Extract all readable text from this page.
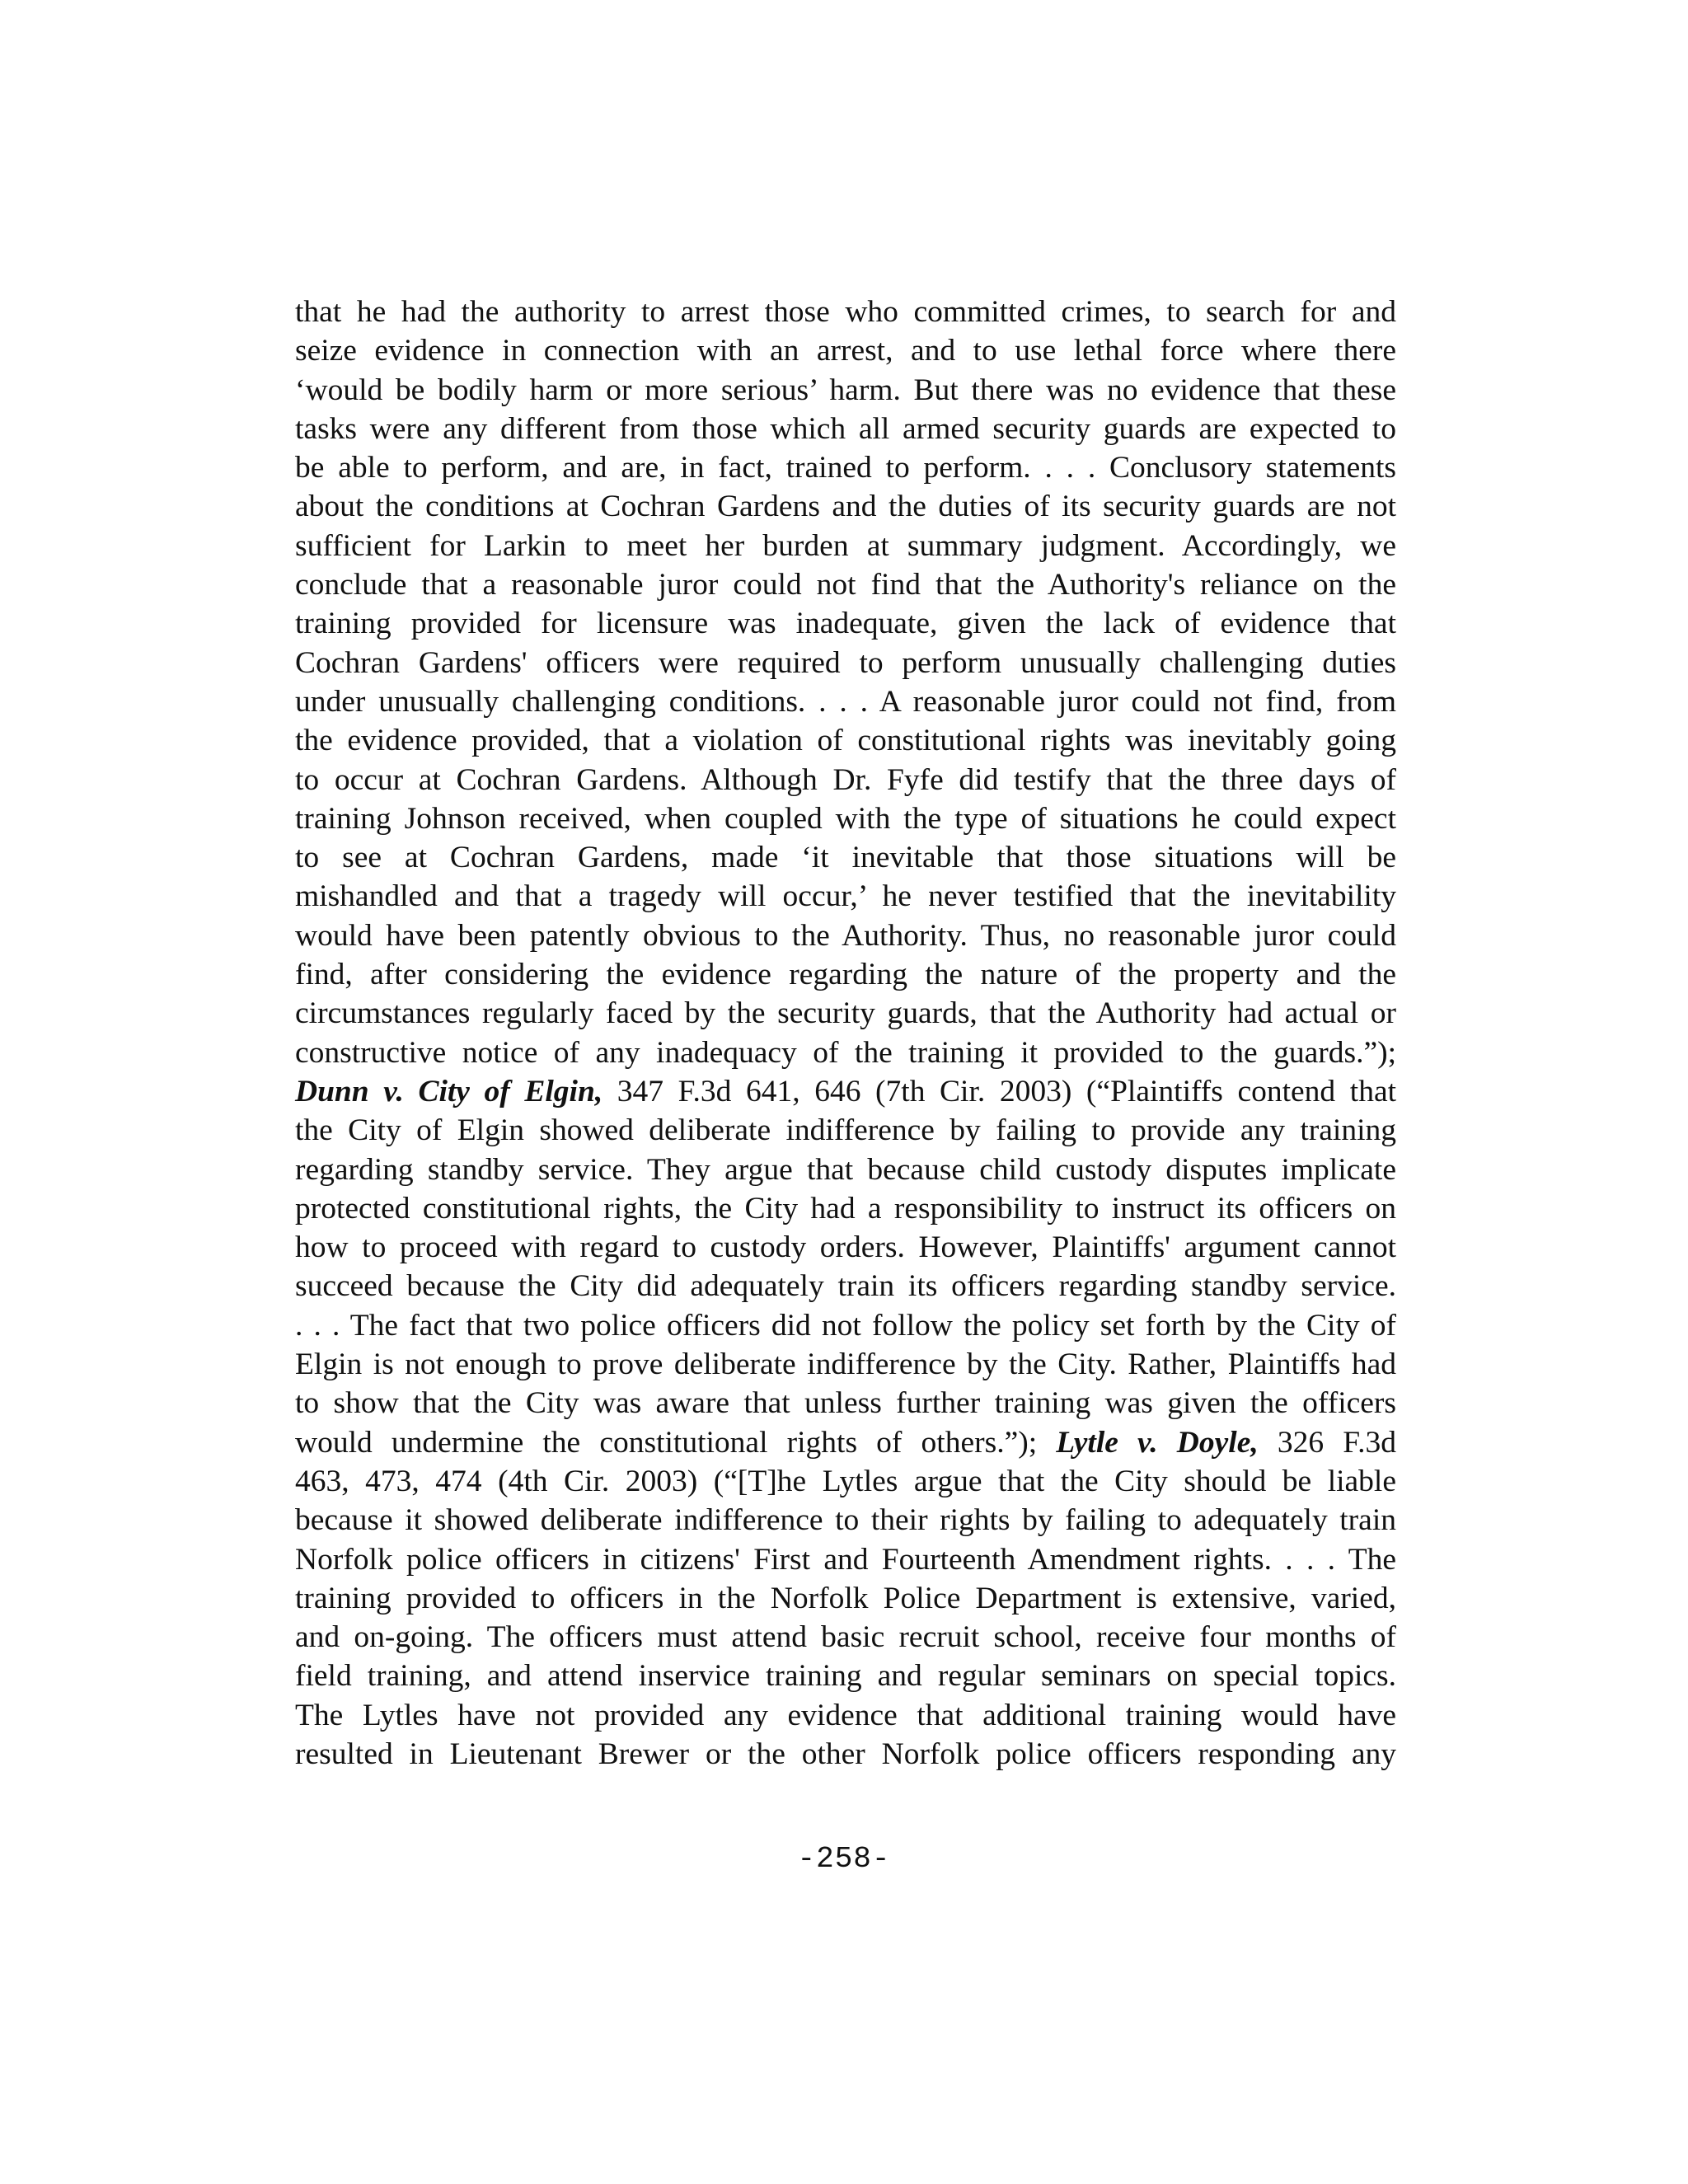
that he had the authority to arrest those who committed crimes, to search for and
seize evidence in connection with an arrest, and to use lethal force where there
‘would be bodily harm or more serious’ harm. But there was no evidence that these
tasks were any different from those which all armed security guards are expected to
be able to perform, and are, in fact, trained to perform. . . . Conclusory statements
about the conditions at Cochran Gardens and the duties of its security guards are not
sufficient for Larkin to meet her burden at summary judgment. Accordingly, we
conclude that a reasonable juror could not find that the Authority's reliance on the
training provided for licensure was inadequate, given the lack of evidence that
Cochran Gardens' officers were required to perform unusually challenging duties
under unusually challenging conditions. . . . A reasonable juror could not find, from
the evidence provided, that a violation of constitutional rights was inevitably going
to occur at Cochran Gardens. Although Dr. Fyfe did testify that the three days of
training Johnson received, when coupled with the type of situations he could expect
to see at Cochran Gardens, made ‘it inevitable that those situations will be
mishandled and that a tragedy will occur,’ he never testified that the inevitability
would have been patently obvious to the Authority. Thus, no reasonable juror could
find, after considering the evidence regarding the nature of the property and the
circumstances regularly faced by the security guards, that the Authority had actual or
constructive notice of any inadequacy of the training it provided to the guards.”);
Dunn v. City of Elgin, 347 F.3d 641, 646 (7th Cir. 2003) (“Plaintiffs contend that
the City of Elgin showed deliberate indifference by failing to provide any training
regarding standby service. They argue that because child custody disputes implicate
protected constitutional rights, the City had a responsibility to instruct its officers on
how to proceed with regard to custody orders. However, Plaintiffs' argument cannot
succeed because the City did adequately train its officers regarding standby service.
. . . The fact that two police officers did not follow the policy set forth by the City of
Elgin is not enough to prove deliberate indifference by the City. Rather, Plaintiffs had
to show that the City was aware that unless further training was given the officers
would undermine the constitutional rights of others.”); Lytle v. Doyle, 326 F.3d
463, 473, 474 (4th Cir. 2003) (“[T]he Lytles argue that the City should be liable
because it showed deliberate indifference to their rights by failing to adequately train
Norfolk police officers in citizens' First and Fourteenth Amendment rights. . . . The
training provided to officers in the Norfolk Police Department is extensive, varied,
and on-going. The officers must attend basic recruit school, receive four months of
field training, and attend inservice training and regular seminars on special topics.
The Lytles have not provided any evidence that additional training would have
resulted in Lieutenant Brewer or the other Norfolk police officers responding any
-258-
